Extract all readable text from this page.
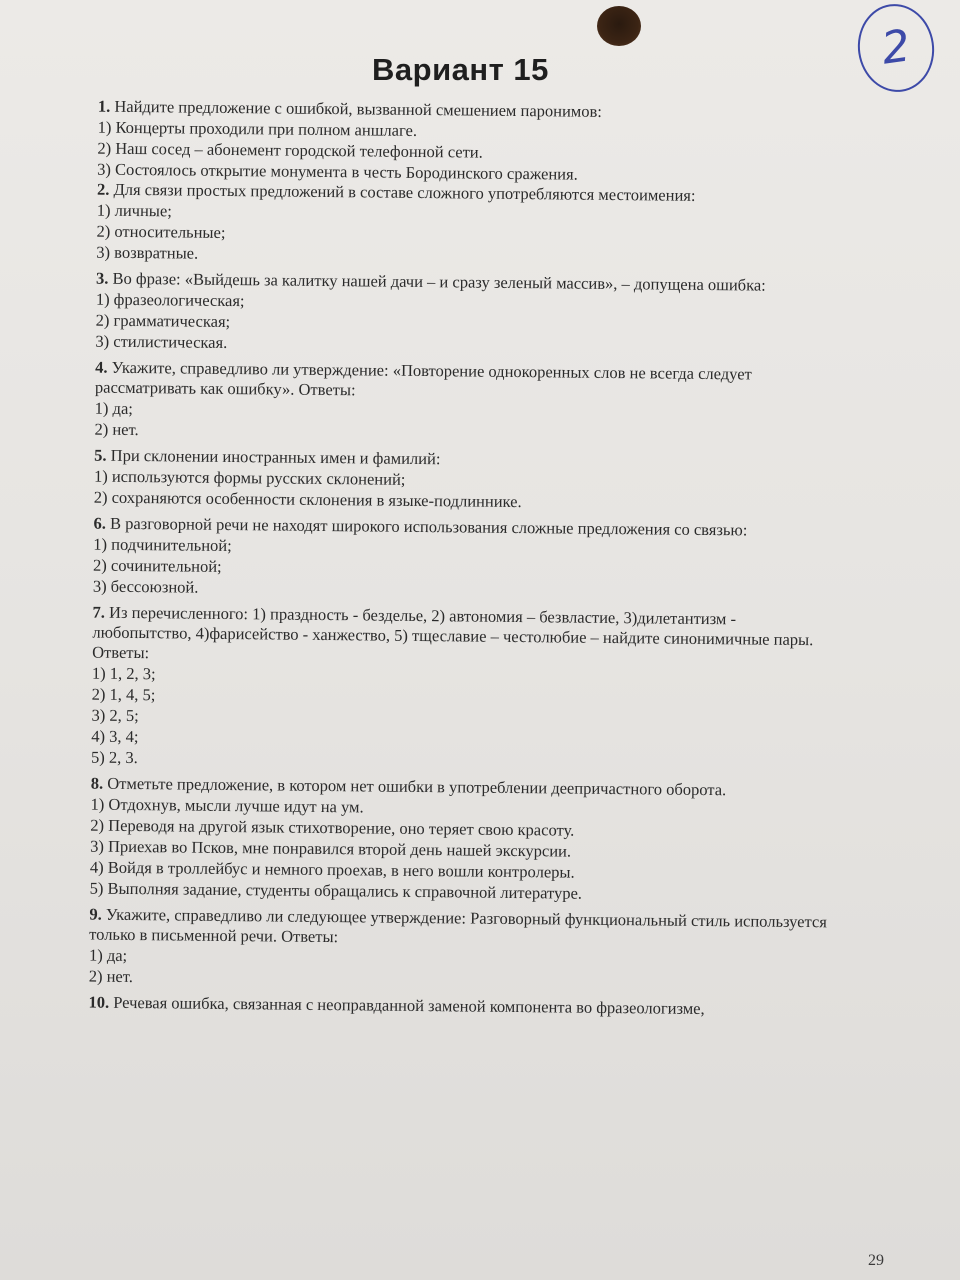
2
Вариант 15
1. Найдите предложение с ошибкой, вызванной смешением паронимов:
1) Концерты проходили при полном аншлаге.
2) Наш сосед – абонемент городской телефонной сети.
3) Состоялось открытие монумента в честь Бородинского сражения.
2. Для связи простых предложений в составе сложного употребляются местоимения:
1) личные;
2) относительные;
3) возвратные.
3. Во фразе: «Выйдешь за калитку нашей дачи – и сразу зеленый массив», – допущена ошибка:
1) фразеологическая;
2) грамматическая;
3) стилистическая.
4. Укажите, справедливо ли утверждение: «Повторение однокоренных слов не всегда следует рассматривать как ошибку». Ответы:
1) да;
2) нет.
5. При склонении иностранных имен и фамилий:
1) используются формы русских склонений;
2) сохраняются особенности склонения в языке-подлиннике.
6. В разговорной речи не находят широкого использования сложные предложения со связью:
1) подчинительной;
2) сочинительной;
3) бессоюзной.
7. Из перечисленного: 1) праздность - безделье, 2) автономия – безвластие, 3)дилетантизм - любопытство, 4)фарисейство - ханжество, 5) тщеславие – честолюбие – найдите синонимичные пары. Ответы:
1) 1, 2, 3;
2) 1, 4, 5;
3) 2, 5;
4) 3, 4;
5) 2, 3.
8. Отметьте предложение, в котором нет ошибки в употреблении деепричастного оборота.
1) Отдохнув, мысли лучше идут на ум.
2) Переводя на другой язык стихотворение, оно теряет свою красоту.
3) Приехав во Псков, мне понравился второй день нашей экскурсии.
4) Войдя в троллейбус и немного проехав, в него вошли контролеры.
5) Выполняя задание, студенты обращались к справочной литературе.
9. Укажите, справедливо ли следующее утверждение: Разговорный функциональный стиль используется только в письменной речи. Ответы:
1) да;
2) нет.
10. Речевая ошибка, связанная с неоправданной заменой компонента во фразеологизме,
29
